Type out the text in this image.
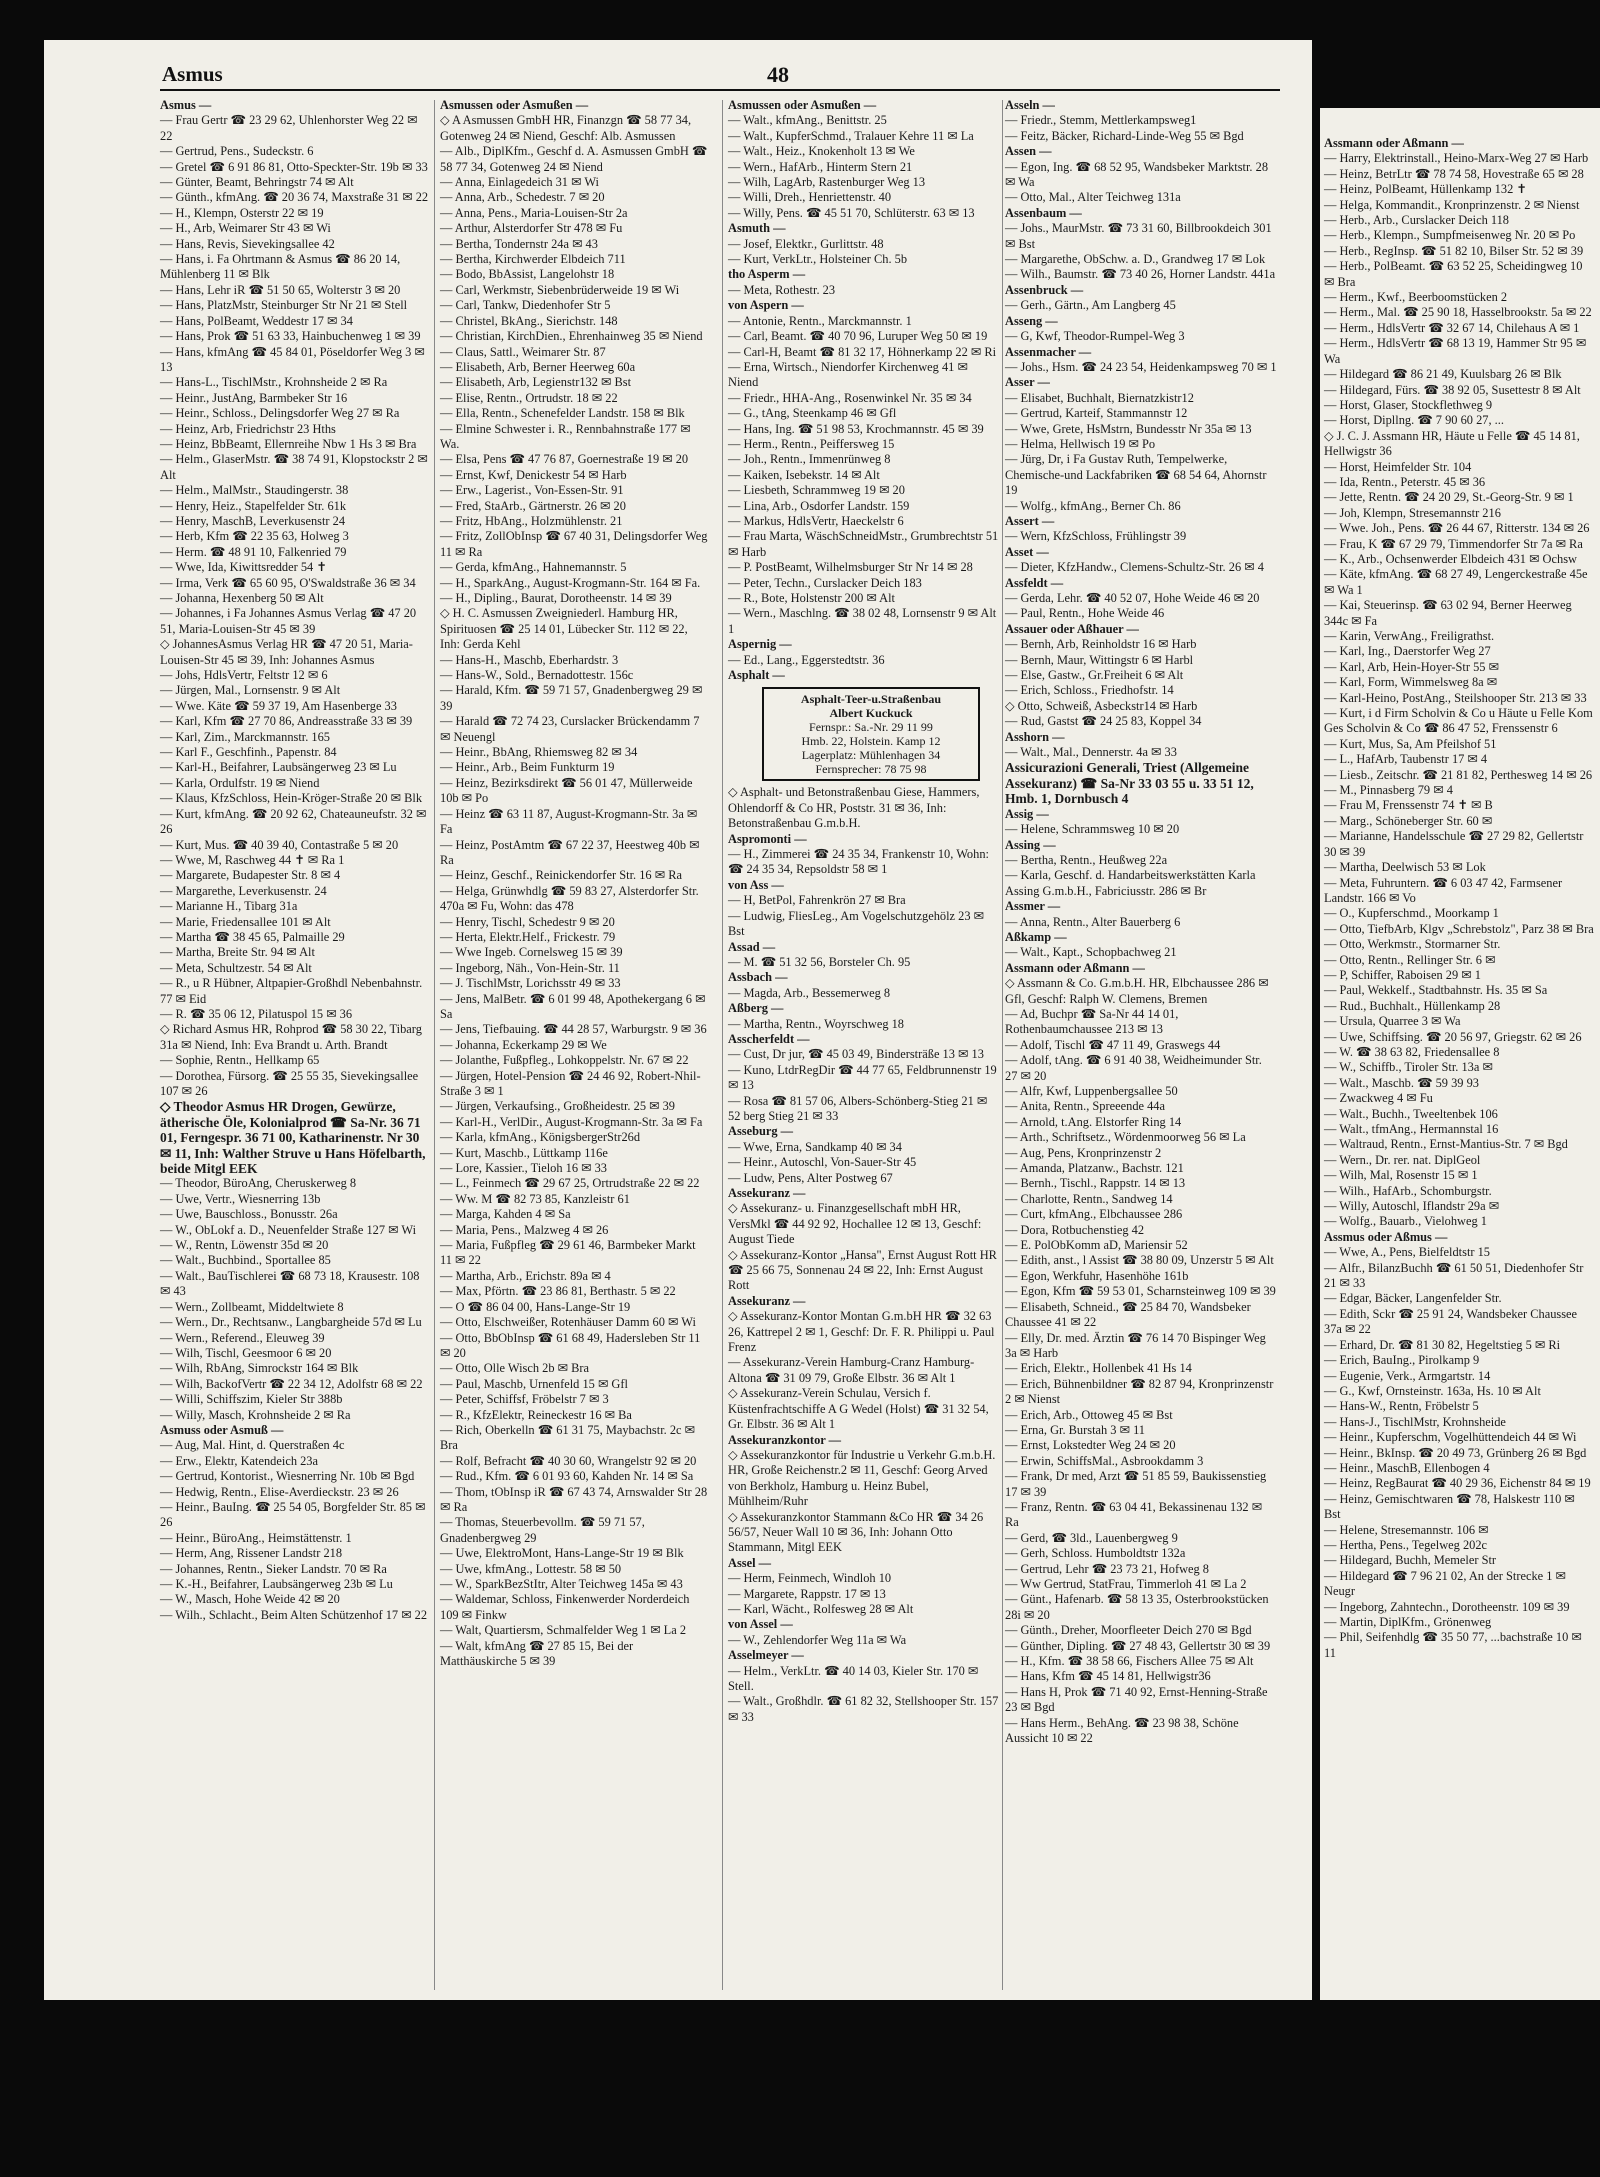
Assmann oder Aßmann —
— Harry, Elektrinstall., Heino-Marx-Weg 27 ✉ Harb
— Heinz, BetrLtr ☎ 78 74 58, Hovestraße 65 ✉ 28
— Heinz, PolBeamt, Hüllenkamp 132 ✝
— Helga, Kommandit., Kronprinzenstr. 2 ✉ Nienst
— Herb., Arb., Curslacker Deich 118
— Herb., Klempn., Sumpfmeisenweg Nr. 20 ✉ Po
— Herb., RegInsp. ☎ 51 82 10, Bilser Str. 52 ✉ 39
— Herb., PolBeamt. ☎ 63 52 25, Scheidingweg 10 ✉ Bra
— Herm., Kwf., Beerboomstücken 2
— Herm., Mal. ☎ 25 90 18, Hasselbrookstr. 5a ✉ 22
— Herm., HdlsVertr ☎ 32 67 14, Chilehaus A ✉ 1
— Herm., HdlsVertr ☎ 68 13 19, Hammer Str 95 ✉ Wa
— Hildegard ☎ 86 21 49, Kuulsbarg 26 ✉ Blk
— Hildegard, Fürs. ☎ 38 92 05, Susettestr 8 ✉ Alt
— Horst, Glaser, Stockflethweg 9
— Horst, Dipllng. ☎ 7 90 60 27, ...
◇ J. C. J. Assmann HR, Häute u Felle ☎ 45 14 81, Hellwigstr 36
— Horst, Heimfelder Str. 104
— Ida, Rentn., Peterstr. 45 ✉ 36
— Jette, Rentn. ☎ 24 20 29, St.-Georg-Str. 9 ✉ 1
— Joh, Klempn, Stresemannstr 216
— Wwe. Joh., Pens. ☎ 26 44 67, Ritterstr. 134 ✉ 26
— Frau, K ☎ 67 29 79, Timmendorfer Str 7a ✉ Ra
— K., Arb., Ochsenwerder Elbdeich 431 ✉ Ochsw
— Käte, kfmAng. ☎ 68 27 49, Lengerckestraße 45e ✉ Wa 1
— Kai, Steuerinsp. ☎ 63 02 94, Berner Heerweg 344c ✉ Fa
— Karin, VerwAng., Freiligrathst.
— Karl, Ing., Daerstorfer Weg 27
— Karl, Arb, Hein-Hoyer-Str 55 ✉
— Karl, Form, Wimmelsweg 8a ✉
— Karl-Heino, PostAng., Steilshooper Str. 213 ✉ 33
— Kurt, i d Firm Scholvin & Co u Häute u Felle Kom Ges Scholvin & Co ☎ 86 47 52, Frenssenstr 6
— Kurt, Mus, Sa, Am Pfeilshof 51
— L., HafArb, Taubenstr 17 ✉ 4
— Liesb., Zeitschr. ☎ 21 81 82, Perthesweg 14 ✉ 26
— M., Pinnasberg 79 ✉ 4
— Frau M, Frenssenstr 74 ✝ ✉ B
— Marg., Schöneberger Str. 60 ✉
— Marianne, Handelsschule ☎ 27 29 82, Gellertstr 30 ✉ 39
— Martha, Deelwisch 53 ✉ Lok
— Meta, Fuhruntern. ☎ 6 03 47 42, Farmsener Landstr. 166 ✉ Vo
— O., Kupferschmd., Moorkamp 1
— Otto, TiefbArb, Klgv „Schrebstolz", Parz 38 ✉ Bra
— Otto, Werkmstr., Stormarner Str.
— Otto, Rentn., Rellinger Str. 6 ✉
— P, Schiffer, Raboisen 29 ✉ 1
— Paul, Wekkelf., Stadtbahnstr. Hs. 35 ✉ Sa
— Rud., Buchhalt., Hüllenkamp 28
— Ursula, Quarree 3 ✉ Wa
— Uwe, Schiffsing. ☎ 20 56 97, Griegstr. 62 ✉ 26
— W. ☎ 38 63 82, Friedensallee 8
— W., Schiffb., Tiroler Str. 13a ✉
— Walt., Maschb. ☎ 59 39 93
— Zwackweg 4 ✉ Fu
— Walt., Buchh., Tweeltenbek 106
— Walt., tfmAng., Hermannstal 16
— Waltraud, Rentn., Ernst-Mantius-Str. 7 ✉ Bgd
— Wern., Dr. rer. nat. DiplGeol
— Wilh, Mal, Rosenstr 15 ✉ 1
— Wilh., HafArb., Schomburgstr.
— Willy, Autoschl, Iflandstr 29a ✉
— Wolfg., Bauarb., Vielohweg 1
Assmus oder Aßmus —
— Wwe, A., Pens, Bielfeldtstr 15
— Alfr., BilanzBuchh ☎ 61 50 51, Diedenhofer Str 21 ✉ 33
— Edgar, Bäcker, Langenfelder Str.
— Edith, Sckr ☎ 25 91 24, Wandsbeker Chaussee 37a ✉ 22
— Erhard, Dr. ☎ 81 30 82, Hegeltstieg 5 ✉ Ri
— Erich, BauIng., Pirolkamp 9
— Eugenie, Verk., Armgartstr. 14
— G., Kwf, Ornsteinstr. 163a, Hs. 10 ✉ Alt
— Hans-W., Rentn, Fröbelstr 5
— Hans-J., TischlMstr, Krohnsheide
— Heinr., Kupferschm, Vogelhüttendeich 44 ✉ Wi
— Heinr., BkInsp. ☎ 20 49 73, Grünberg 26 ✉ Bgd
— Heinr., MaschB, Ellenbogen 4
— Heinz, RegBaurat ☎ 40 29 36, Eichenstr 84 ✉ 19
— Heinz, Gemischtwaren ☎ 78, Halskestr 110 ✉ Bst
— Helene, Stresemannstr. 106 ✉
— Hertha, Pens., Tegelweg 202c
— Hildegard, Buchh, Memeler Str
— Hildegard ☎ 7 96 21 02, An der Strecke 1 ✉ Neugr
— Ingeborg, Zahntechn., Dorotheenstr. 109 ✉ 39
— Martin, DiplKfm., Grönenweg
— Phil, Seifenhdlg ☎ 35 50 77, ...bachstraße 10 ✉ 11
Asmus	48
Asmus —
— Frau Gertr ☎ 23 29 62, Uhlenhorster Weg 22 ✉ 22
— Gertrud, Pens., Sudeckstr. 6
— Gretel ☎ 6 91 86 81, Otto-Speckter-Str. 19b ✉ 33
— Günter, Beamt, Behringstr 74 ✉ Alt
— Günth., kfmAng. ☎ 20 36 74, Maxstraße 31 ✉ 22
— H., Klempn, Osterstr 22 ✉ 19
— H., Arb, Weimarer Str 43 ✉ Wi
— Hans, Revis, Sievekingsallee 42
— Hans, i. Fa Ohrtmann & Asmus ☎ 86 20 14, Mühlenberg 11 ✉ Blk
— Hans, Lehr iR ☎ 51 50 65, Wolterstr 3 ✉ 20
— Hans, PlatzMstr, Steinburger Str Nr 21 ✉ Stell
— Hans, PolBeamt, Weddestr 17 ✉ 34
— Hans, Prok ☎ 51 63 33, Hainbuchenweg 1 ✉ 39
— Hans, kfmAng ☎ 45 84 01, Pöseldorfer Weg 3 ✉ 13
— Hans-L., TischlMstr., Krohnsheide 2 ✉ Ra
— Heinr., JustAng, Barmbeker Str 16
— Heinr., Schloss., Delingsdorfer Weg 27 ✉ Ra
— Heinz, Arb, Friedrichstr 23 Hths
— Heinz, BbBeamt, Ellernreihe Nbw 1 Hs 3 ✉ Bra
— Helm., GlaserMstr. ☎ 38 74 91, Klopstockstr 2 ✉ Alt
— Helm., MalMstr., Staudingerstr. 38
— Henry, Heiz., Stapelfelder Str. 61k
— Henry, MaschB, Leverkusenstr 24
— Herb, Kfm ☎ 22 35 63, Holweg 3
— Herm. ☎ 48 91 10, Falkenried 79
— Wwe, Ida, Kiwittsredder 54 ✝
— Irma, Verk ☎ 65 60 95, O'Swaldstraße 36 ✉ 34
— Johanna, Hexenberg 50 ✉ Alt
— Johannes, i Fa Johannes Asmus Verlag ☎ 47 20 51, Maria-Louisen-Str 45 ✉ 39
◇ JohannesAsmus Verlag HR ☎ 47 20 51, Maria-Louisen-Str 45 ✉ 39, Inh: Johannes Asmus
— Johs, HdlsVertr, Feltstr 12 ✉ 6
— Jürgen, Mal., Lornsenstr. 9 ✉ Alt
— Wwe. Käte ☎ 59 37 19, Am Hasenberge 33
— Karl, Kfm ☎ 27 70 86, Andreasstraße 33 ✉ 39
— Karl, Zim., Marckmannstr. 165
— Karl F., Geschfinh., Papenstr. 84
— Karl-H., Beifahrer, Laubsängerweg 23 ✉ Lu
— Karla, Ordulfstr. 19 ✉ Niend
— Klaus, KfzSchloss, Hein-Kröger-Straße 20 ✉ Blk
— Kurt, kfmAng. ☎ 20 92 62, Chateauneufstr. 32 ✉ 26
— Kurt, Mus. ☎ 40 39 40, Contastraße 5 ✉ 20
— Wwe, M, Raschweg 44 ✝ ✉ Ra 1
— Margarete, Budapester Str. 8 ✉ 4
— Margarethe, Leverkusenstr. 24
— Marianne H., Tibarg 31a
— Marie, Friedensallee 101 ✉ Alt
— Martha ☎ 38 45 65, Palmaille 29
— Martha, Breite Str. 94 ✉ Alt
— Meta, Schultzestr. 54 ✉ Alt
— R., u R Hübner, Altpapier-Großhdl Nebenbahnstr. 77 ✉ Eid
— R. ☎ 35 06 12, Pilatuspol 15 ✉ 36
◇ Richard Asmus HR, Rohprod ☎ 58 30 22, Tibarg 31a ✉ Niend, Inh: Eva Brandt u. Arth. Brandt
— Sophie, Rentn., Hellkamp 65
— Dorothea, Fürsorg. ☎ 25 55 35, Sievekingsallee 107 ✉ 26
◇ Theodor Asmus HR Drogen, Gewürze, ätherische Öle, Kolonialprod ☎ Sa-Nr. 36 71 01, Ferngespr. 36 71 00, Katharinenstr. Nr 30 ✉ 11, Inh: Walther Struve u Hans Höfelbarth, beide Mitgl EEK
— Theodor, BüroAng, Cheruskerweg 8
— Uwe, Vertr., Wiesnerring 13b
— Uwe, Bauschloss., Bonusstr. 26a
— W., ObLokf a. D., Neuenfelder Straße 127 ✉ Wi
— W., Rentn, Löwenstr 35d ✉ 20
— Walt., Buchbind., Sportallee 85
— Walt., BauTischlerei ☎ 68 73 18, Krausestr. 108 ✉ 43
— Wern., Zollbeamt, Middeltwiete 8
— Wern., Dr., Rechtsanw., Langbargheide 57d ✉ Lu
— Wern., Referend., Eleuweg 39
— Wilh, Tischl, Geesmoor 6 ✉ 20
— Wilh, RbAng, Simrockstr 164 ✉ Blk
— Wilh, BackofVertr ☎ 22 34 12, Adolfstr 68 ✉ 22
— Willi, Schiffszim, Kieler Str 388b
— Willy, Masch, Krohnsheide 2 ✉ Ra
Asmuss oder Asmuß —
— Aug, Mal. Hint, d. Querstraßen 4c
— Erw., Elektr, Katendeich 23a
— Gertrud, Kontorist., Wiesnerring Nr. 10b ✉ Bgd
— Hedwig, Rentn., Elise-Averdieckstr. 23 ✉ 26
— Heinr., BauIng. ☎ 25 54 05, Borgfelder Str. 85 ✉ 26
— Heinr., BüroAng., Heimstättenstr. 1
— Herm, Ang, Rissener Landstr 218
— Johannes, Rentn., Sieker Landstr. 70 ✉ Ra
— K.-H., Beifahrer, Laubsängerweg 23b ✉ Lu
— W., Masch, Hohe Weide 42 ✉ 20
— Wilh., Schlacht., Beim Alten Schützenhof 17 ✉ 22
Asmussen oder Asmußen —
◇ A Asmussen GmbH HR, Finanzgn ☎ 58 77 34, Gotenweg 24 ✉ Niend, Geschf: Alb. Asmussen
— Alb., DiplKfm., Geschf d. A. Asmussen GmbH ☎ 58 77 34, Gotenweg 24 ✉ Niend
— Anna, Einlagedeich 31 ✉ Wi
— Anna, Arb., Schedestr. 7 ✉ 20
— Anna, Pens., Maria-Louisen-Str 2a
— Arthur, Alsterdorfer Str 478 ✉ Fu
— Bertha, Tondernstr 24a ✉ 43
— Bertha, Kirchwerder Elbdeich 711
— Bodo, BbAssist, Langelohstr 18
— Carl, Werkmstr, Siebenbrüderweide 19 ✉ Wi
— Carl, Tankw, Diedenhofer Str 5
— Christel, BkAng., Sierichstr. 148
— Christian, KirchDien., Ehrenhainweg 35 ✉ Niend
— Claus, Sattl., Weimarer Str. 87
— Elisabeth, Arb, Berner Heerweg 60a
— Elisabeth, Arb, Legienstr132 ✉ Bst
— Elise, Rentn., Ortrudstr. 18 ✉ 22
— Ella, Rentn., Schenefelder Landstr. 158 ✉ Blk
— Elmine Schwester i. R., Rennbahnstraße 177 ✉ Wa.
— Elsa, Pens ☎ 47 76 87, Goernestraße 19 ✉ 20
— Ernst, Kwf, Denickestr 54 ✉ Harb
— Erw., Lagerist., Von-Essen-Str. 91
— Fred, StaArb., Gärtnerstr. 26 ✉ 20
— Fritz, HbAng., Holzmühlenstr. 21
— Fritz, ZollObInsp ☎ 67 40 31, Delingsdorfer Weg 11 ✉ Ra
— Gerda, kfmAng., Hahnemannstr. 5
— H., SparkAng., August-Krogmann-Str. 164 ✉ Fa.
— H., Dipling., Baurat, Dorotheenstr. 14 ✉ 39
◇ H. C. Asmussen Zweigniederl. Hamburg HR, Spirituosen ☎ 25 14 01, Lübecker Str. 112 ✉ 22, Inh: Gerda Kehl
— Hans-H., Maschb, Eberhardstr. 3
— Hans-W., Sold., Bernadottestr. 156c
— Harald, Kfm. ☎ 59 71 57, Gnadenbergweg 29 ✉ 39
— Harald ☎ 72 74 23, Curslacker Brückendamm 7 ✉ Neuengl
— Heinr., BbAng, Rhiemsweg 82 ✉ 34
— Heinr., Arb., Beim Funkturm 19
— Heinz, Bezirksdirekt ☎ 56 01 47, Müllerweide 10b ✉ Po
— Heinz ☎ 63 11 87, August-Krogmann-Str. 3a ✉ Fa
— Heinz, PostAmtm ☎ 67 22 37, Heestweg 40b ✉ Ra
— Heinz, Geschf., Reinickendorfer Str. 16 ✉ Ra
— Helga, Grünwhdlg ☎ 59 83 27, Alsterdorfer Str. 470a ✉ Fu, Wohn: das 478
— Henry, Tischl, Schedestr 9 ✉ 20
— Herta, Elektr.Helf., Frickestr. 79
— Wwe Ingeb. Cornelsweg 15 ✉ 39
— Ingeborg, Näh., Von-Hein-Str. 11
— J. TischlMstr, Lorichsstr 49 ✉ 33
— Jens, MalBetr. ☎ 6 01 99 48, Apothekergang 6 ✉ Sa
— Jens, Tiefbauing. ☎ 44 28 57, Warburgstr. 9 ✉ 36
— Johanna, Eckerkamp 29 ✉ We
— Jolanthe, Fußpfleg., Lohkoppelstr. Nr. 67 ✉ 22
— Jürgen, Hotel-Pension ☎ 24 46 92, Robert-Nhil-Straße 3 ✉ 1
— Jürgen, Verkaufsing., Großheidestr. 25 ✉ 39
— Karl-H., VerlDir., August-Krogmann-Str. 3a ✉ Fa
— Karla, kfmAng., KönigsbergerStr26d
— Kurt, Maschb., Lüttkamp 116e
— Lore, Kassier., Tieloh 16 ✉ 33
— L., Feinmech ☎ 29 67 25, Ortrudstraße 22 ✉ 22
— Ww. M ☎ 82 73 85, Kanzleistr 61
— Marga, Kahden 4 ✉ Sa
— Maria, Pens., Malzweg 4 ✉ 26
— Maria, Fußpfleg ☎ 29 61 46, Barmbeker Markt 11 ✉ 22
— Martha, Arb., Erichstr. 89a ✉ 4
— Max, Pförtn. ☎ 23 86 81, Berthastr. 5 ✉ 22
— O ☎ 86 04 00, Hans-Lange-Str 19
— Otto, Elschweißer, Rotenhäuser Damm 60 ✉ Wi
— Otto, BbObInsp ☎ 61 68 49, Hadersleben Str 11 ✉ 20
— Otto, Olle Wisch 2b ✉ Bra
— Paul, Maschb, Urnenfeld 15 ✉ Gfl
— Peter, Schiffsf, Fröbelstr 7 ✉ 3
— R., KfzElektr, Reineckestr 16 ✉ Ba
— Rich, Oberkelln ☎ 61 31 75, Maybachstr. 2c ✉ Bra
— Rolf, Befracht ☎ 40 30 60, Wrangelstr 92 ✉ 20
— Rud., Kfm. ☎ 6 01 93 60, Kahden Nr. 14 ✉ Sa
— Thom, tObInsp iR ☎ 67 43 74, Arnswalder Str 28 ✉ Ra
— Thomas, Steuerbevollm. ☎ 59 71 57, Gnadenbergweg 29
— Uwe, ElektroMont, Hans-Lange-Str 19 ✉ Blk
— Uwe, kfmAng., Lottestr. 58 ✉ 50
— W., SparkBezStItr, Alter Teichweg 145a ✉ 43
— Waldemar, Schloss, Finkenwerder Norderdeich 109 ✉ Finkw
— Walt, Quartiersm, Schmalfelder Weg 1 ✉ La 2
— Walt, kfmAng ☎ 27 85 15, Bei der Matthäuskirche 5 ✉ 39
Asmussen oder Asmußen —
— Walt., kfmAng., Benittstr. 25
— Walt., KupferSchmd., Tralauer Kehre 11 ✉ La
— Walt., Heiz., Knokenholt 13 ✉ We
— Wern., HafArb., Hinterm Stern 21
— Wilh, LagArb, Rastenburger Weg 13
— Willi, Dreh., Henriettenstr. 40
— Willy, Pens. ☎ 45 51 70, Schlüterstr. 63 ✉ 13
Asmuth —
— Josef, Elektkr., Gurlittstr. 48
— Kurt, VerkLtr., Holsteiner Ch. 5b
tho Asperm —
— Meta, Rothestr. 23
von Aspern —
— Antonie, Rentn., Marckmannstr. 1
— Carl, Beamt. ☎ 40 70 96, Luruper Weg 50 ✉ 19
— Carl-H, Beamt ☎ 81 32 17, Höhnerkamp 22 ✉ Ri
— Erna, Wirtsch., Niendorfer Kirchenweg 41 ✉ Niend
— Friedr., HHA-Ang., Rosenwinkel Nr. 35 ✉ 34
— G., tAng, Steenkamp 46 ✉ Gfl
— Hans, Ing. ☎ 51 98 53, Krochmannstr. 45 ✉ 39
— Herm., Rentn., Peiffersweg 15
— Joh., Rentn., Immenrünweg 8
— Kaiken, Isebekstr. 14 ✉ Alt
— Liesbeth, Schrammweg 19 ✉ 20
— Lina, Arb., Osdorfer Landstr. 159
— Markus, HdlsVertr, Haeckelstr 6
— Frau Marta, WäschSchneidMstr., Grumbrechtstr 51 ✉ Harb
— P. PostBeamt, Wilhelmsburger Str Nr 14 ✉ 28
— Peter, Techn., Curslacker Deich 183
— R., Bote, Holstenstr 200 ✉ Alt
— Wern., Maschlng. ☎ 38 02 48, Lornsenstr 9 ✉ Alt 1
Aspernig —
— Ed., Lang., Eggerstedtstr. 36
Asphalt —
Asphalt-Teer-u.Straßenbau
Albert Kuckuck
Fernspr.: Sa.-Nr. 29 11 99
Hmb. 22, Holstein. Kamp 12
Lagerplatz: Mühlenhagen 34
Fernsprecher: 78 75 98
◇ Asphalt- und Betonstraßenbau Giese, Hammers, Ohlendorff & Co HR, Poststr. 31 ✉ 36, Inh: Betonstraßenbau G.m.b.H.
Aspromonti —
— H., Zimmerei ☎ 24 35 34, Frankenstr 10, Wohn: ☎ 24 35 34, Repsoldstr 58 ✉ 1
von Ass —
— H, BetPol, Fahrenkrön 27 ✉ Bra
— Ludwig, FliesLeg., Am Vogelschutzgehölz 23 ✉ Bst
Assad —
— M. ☎ 51 32 56, Borsteler Ch. 95
Assbach —
— Magda, Arb., Bessemerweg 8
Aßberg —
— Martha, Rentn., Woyrschweg 18
Asscherfeldt —
— Cust, Dr jur, ☎ 45 03 49, Bindersträße 13 ✉ 13
— Kuno, LtdrRegDir ☎ 44 77 65, Feldbrunnenstr 19 ✉ 13
— Rosa ☎ 81 57 06, Albers-Schönberg-Stieg 21 ✉ 52 berg Stieg 21 ✉ 33
Asseburg —
— Wwe, Erna, Sandkamp 40 ✉ 34
— Heinr., Autoschl, Von-Sauer-Str 45
— Ludw, Pens, Alter Postweg 67
Assekuranz —
◇ Assekuranz- u. Finanzgesellschaft mbH HR, VersMkl ☎ 44 92 92, Hochallee 12 ✉ 13, Geschf: August Tiede
◇ Assekuranz-Kontor „Hansa", Ernst August Rott HR ☎ 25 66 75, Sonnenau 24 ✉ 22, Inh: Ernst August Rott
Assekuranz —
◇ Assekuranz-Kontor Montan G.m.bH HR ☎ 32 63 26, Kattrepel 2 ✉ 1, Geschf: Dr. F. R. Philippi u. Paul Frenz
— Assekuranz-Verein Hamburg-Cranz Hamburg-Altona ☎ 31 09 79, Große Elbstr. 36 ✉ Alt 1
◇ Assekuranz-Verein Schulau, Versich f. Küstenfrachtschiffe A G Wedel (Holst) ☎ 31 32 54, Gr. Elbstr. 36 ✉ Alt 1
Assekuranzkontor —
◇ Assekuranzkontor für Industrie u Verkehr G.m.b.H. HR, Große Reichenstr.2 ✉ 11, Geschf: Georg Arved von Berkholz, Hamburg u. Heinz Bubel, Mühlheim/Ruhr
◇ Assekuranzkontor Stammann &Co HR ☎ 34 26 56/57, Neuer Wall 10 ✉ 36, Inh: Johann Otto Stammann, Mitgl EEK
Assel —
— Herm, Feinmech, Windloh 10
— Margarete, Rappstr. 17 ✉ 13
— Karl, Wächt., Rolfesweg 28 ✉ Alt
von Assel —
— W., Zehlendorfer Weg 11a ✉ Wa
Asselmeyer —
— Helm., VerkLtr. ☎ 40 14 03, Kieler Str. 170 ✉ Stell.
— Walt., Großhdlr. ☎ 61 82 32, Stellshooper Str. 157 ✉ 33
Asseln —
— Friedr., Stemm, Mettlerkampsweg1
— Feitz, Bäcker, Richard-Linde-Weg 55 ✉ Bgd
Assen —
— Egon, Ing. ☎ 68 52 95, Wandsbeker Marktstr. 28 ✉ Wa
— Otto, Mal., Alter Teichweg 131a
Assenbaum —
— Johs., MaurMstr. ☎ 73 31 60, Billbrookdeich 301 ✉ Bst
— Margarethe, ObSchw. a. D., Grandweg 17 ✉ Lok
— Wilh., Baumstr. ☎ 73 40 26, Horner Landstr. 441a
Assenbruck —
— Gerh., Gärtn., Am Langberg 45
Asseng —
— G, Kwf, Theodor-Rumpel-Weg 3
Assenmacher —
— Johs., Hsm. ☎ 24 23 54, Heidenkampsweg 70 ✉ 1
Asser —
— Elisabet, Buchhalt, Biernatzkistr12
— Gertrud, Karteif, Stammannstr 12
— Wwe, Grete, HsMstrn, Bundesstr Nr 35a ✉ 13
— Helma, Hellwisch 19 ✉ Po
— Jürg, Dr, i Fa Gustav Ruth, Tempelwerke, Chemische-und Lackfabriken ☎ 68 54 64, Ahornstr 19
— Wolfg., kfmAng., Berner Ch. 86
Assert —
— Wern, KfzSchloss, Frühlingstr 39
Asset —
— Dieter, KfzHandw., Clemens-Schultz-Str. 26 ✉ 4
Assfeldt —
— Gerda, Lehr. ☎ 40 52 07, Hohe Weide 46 ✉ 20
— Paul, Rentn., Hohe Weide 46
Assauer oder Aßhauer —
— Bernh, Arb, Reinholdstr 16 ✉ Harb
— Bernh, Maur, Wittingstr 6 ✉ Harbl
— Else, Gastw., Gr.Freiheit 6 ✉ Alt
— Erich, Schloss., Friedhofstr. 14
◇ Otto, Schweiß, Asbeckstr14 ✉ Harb
— Rud, Gastst ☎ 24 25 83, Koppel 34
Asshorn —
— Walt., Mal., Dennerstr. 4a ✉ 33
Assicurazioni Generali, Triest (Allgemeine Assekuranz) ☎ Sa-Nr 33 03 55 u. 33 51 12, Hmb. 1, Dornbusch 4
Assig —
— Helene, Schrammsweg 10 ✉ 20
Assing —
— Bertha, Rentn., Heußweg 22a
— Karla, Geschf. d. Handarbeitswerkstätten Karla Assing G.m.b.H., Fabriciusstr. 286 ✉ Br
Assmer —
— Anna, Rentn., Alter Bauerberg 6
Aßkamp —
— Walt., Kapt., Schopbachweg 21
Assmann oder Aßmann —
◇ Assmann & Co. G.m.b.H. HR, Elbchaussee 286 ✉ Gfl, Geschf: Ralph W. Clemens, Bremen
— Ad, Buchpr ☎ Sa-Nr 44 14 01, Rothenbaumchaussee 213 ✉ 13
— Adolf, Tischl ☎ 47 11 49, Graswegs 44
— Adolf, tAng. ☎ 6 91 40 38, Weidheimunder Str. 27 ✉ 20
— Alfr, Kwf, Luppenbergsallee 50
— Anita, Rentn., Spreeende 44a
— Arnold, t.Ang. Elstorfer Ring 14
— Arth., Schriftsetz., Wördenmoorweg 56 ✉ La
— Aug, Pens, Kronprinzenstr 2
— Amanda, Platzanw., Bachstr. 121
— Bernh., Tischl., Rappstr. 14 ✉ 13
— Charlotte, Rentn., Sandweg 14
— Curt, kfmAng., Elbchaussee 286
— Dora, Rotbuchenstieg 42
— E. PolObKomm aD, Mariensir 52
— Edith, anst., l Assist ☎ 38 80 09, Unzerstr 5 ✉ Alt
— Egon, Werkfuhr, Hasenhöhe 161b
— Egon, Kfm ☎ 59 53 01, Scharnsteinweg 109 ✉ 39
— Elisabeth, Schneid., ☎ 25 84 70, Wandsbeker Chaussee 41 ✉ 22
— Elly, Dr. med. Ärztin ☎ 76 14 70 Bispinger Weg 3a ✉ Harb
— Erich, Elektr., Hollenbek 41 Hs 14
— Erich, Bühnenbildner ☎ 82 87 94, Kronprinzenstr 2 ✉ Nienst
— Erich, Arb., Ottoweg 45 ✉ Bst
— Erna, Gr. Burstah 3 ✉ 11
— Ernst, Lokstedter Weg 24 ✉ 20
— Erwin, SchiffsMal., Asbrookdamm 3
— Frank, Dr med, Arzt ☎ 51 85 59, Baukissenstieg 17 ✉ 39
— Franz, Rentn. ☎ 63 04 41, Bekassinenau 132 ✉ Ra
— Gerd, ☎ 3ld., Lauenbergweg 9
— Gerh, Schloss. Humboldtstr 132a
— Gertrud, Lehr ☎ 23 73 21, Hofweg 8
— Ww Gertrud, StatFrau, Timmerloh 41 ✉ La 2
— Günt., Hafenarb. ☎ 58 13 35, Osterbrookstücken 28i ✉ 20
— Günth., Dreher, Moorfleeter Deich 270 ✉ Bgd
— Günther, Dipling. ☎ 27 48 43, Gellertstr 30 ✉ 39
— H., Kfm. ☎ 38 58 66, Fischers Allee 75 ✉ Alt
— Hans, Kfm ☎ 45 14 81, Hellwigstr36
— Hans H, Prok ☎ 71 40 92, Ernst-Henning-Straße 23 ✉ Bgd
— Hans Herm., BehAng. ☎ 23 98 38, Schöne Aussicht 10 ✉ 22
